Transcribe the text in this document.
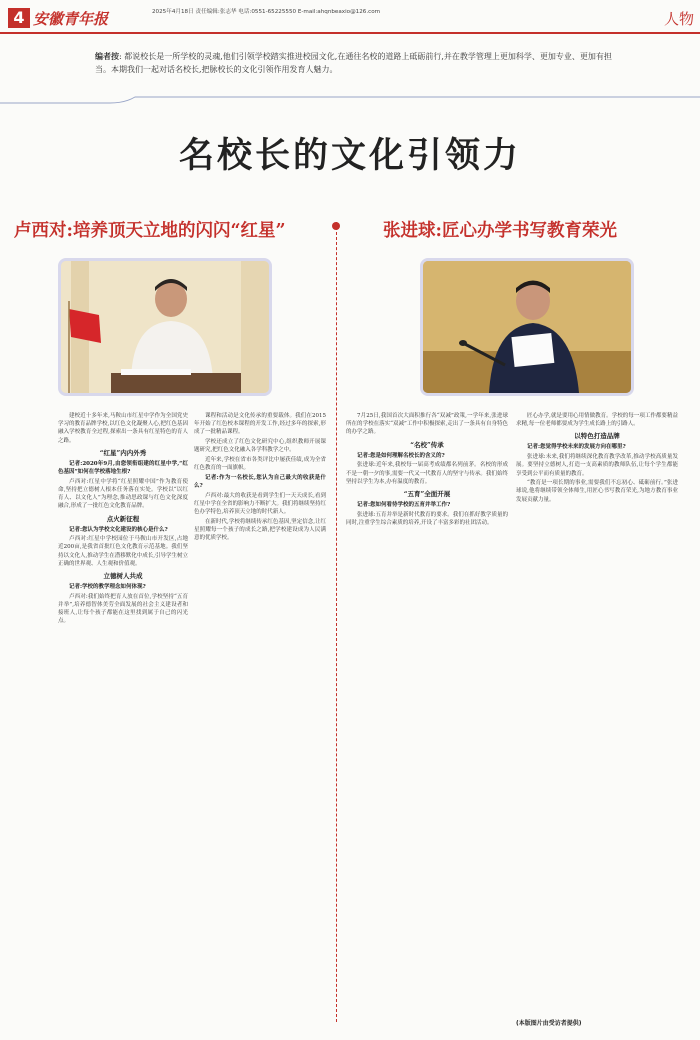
4 安徽青年报	2025年4月18日 责任编辑:张志华 电话:0551-65225550 E-mail:ahqnbeaxio@126.com	人物
编者按: 都说校长是一所学校的灵魂,他们引领学校踏实推进校园文化,在通往名校的道路上砥砺前行,并在教学管理上更加科学、更加专业、更加有担当。本期我们一起对话名校长,把脉校长的文化引领作用发育人魅力。
名校长的文化引领力
卢西对:培养顶天立地的闪闪“红星”	张进球:匠心办学书写教育荣光

建校近十多年来,马鞍山市红星中学作为全国党史学习的教育品牌学校,以红色文化凝聚人心,把红色基因融入学校教育全过程,探索出一条具有红星特色的育人之路。

“红星”内内外秀

记者:2020年9月,由您领衔组建的红星中学,“红色基因”如何在学校落地生根?

卢西对:红星中学将“红星照耀中国”作为教育使命,坚持把立德树人根本任务落在实处。学校以“以红育人、以文化人”为理念,推动思政课与红色文化深度融合,形成了一批红色文化教育品牌。

点火新征程

记者:您认为学校文化建设的核心是什么?

卢西对:红星中学校园位于马鞍山市开发区,占地近200亩,是我省首批红色文化教育示范基地。我们坚持以文化人,推动学生在潜移默化中成长,引导学生树立正确的世界观、人生观和价值观。

立德树人共成

记者:学校的教学理念如何体现?

卢西对:我们始终把育人放在首位,学校坚持“五育并举”,培养德智体美劳全面发展的社会主义建设者和接班人,让每个孩子都能在这里找到属于自己的闪光点。

课程和活动是文化传承的重要载体。我们在2015年开始了红色校本课程的开发工作,经过多年的探索,形成了一批精品课程。

学校还成立了红色文化研究中心,组织教师开展课题研究,把红色文化融入各学科教学之中。

近年来,学校在省市各类评比中屡获佳绩,成为全省红色教育的一面旗帜。

记者:作为一名校长,您认为自己最大的收获是什么?

卢西对:最大的收获是看到学生们一天天成长,看到红星中学在全省的影响力不断扩大。我们将继续坚持红色办学特色,培养顶天立地的时代新人。

在新时代,学校将继续传承红色基因,坚定信念,让红星照耀每一个孩子的成长之路,把学校建设成为人民满意的优质学校。

7月25日,我国首次大面积推行各“双减”政策,一学年来,张进球所在的学校在落实“双减”工作中积极探索,走出了一条具有自身特色的办学之路。

“名校”传承

记者:您是如何理解名校长的含义的?

张进球:近年来,我校每一届高考成绩都名列前茅。名校的形成不是一朝一夕的事,需要一代又一代教育人的坚守与传承。我们始终坚持以学生为本,办有温度的教育。

“五育”全面开展

记者:您如何看待学校的五育并举工作?

张进球:五育并举是新时代教育的要求。我们在抓好教学质量的同时,注重学生综合素质的培养,开设了丰富多彩的社团活动。

匠心办学,就是要用心用情做教育。学校的每一项工作都要精益求精,每一位老师都要成为学生成长路上的引路人。

以特色打造品牌

记者:您觉得学校未来的发展方向在哪里?

张进球:未来,我们将继续深化教育教学改革,推动学校高质量发展。要坚持立德树人,打造一支高素质的教师队伍,让每个学生都能享受到公平而有质量的教育。

“教育是一项长期的事业,需要我们不忘初心、砥砺前行。”张进球说,他将继续带领全体师生,用匠心书写教育荣光,为地方教育事业发展贡献力量。

(本版图片由受访者提供)
